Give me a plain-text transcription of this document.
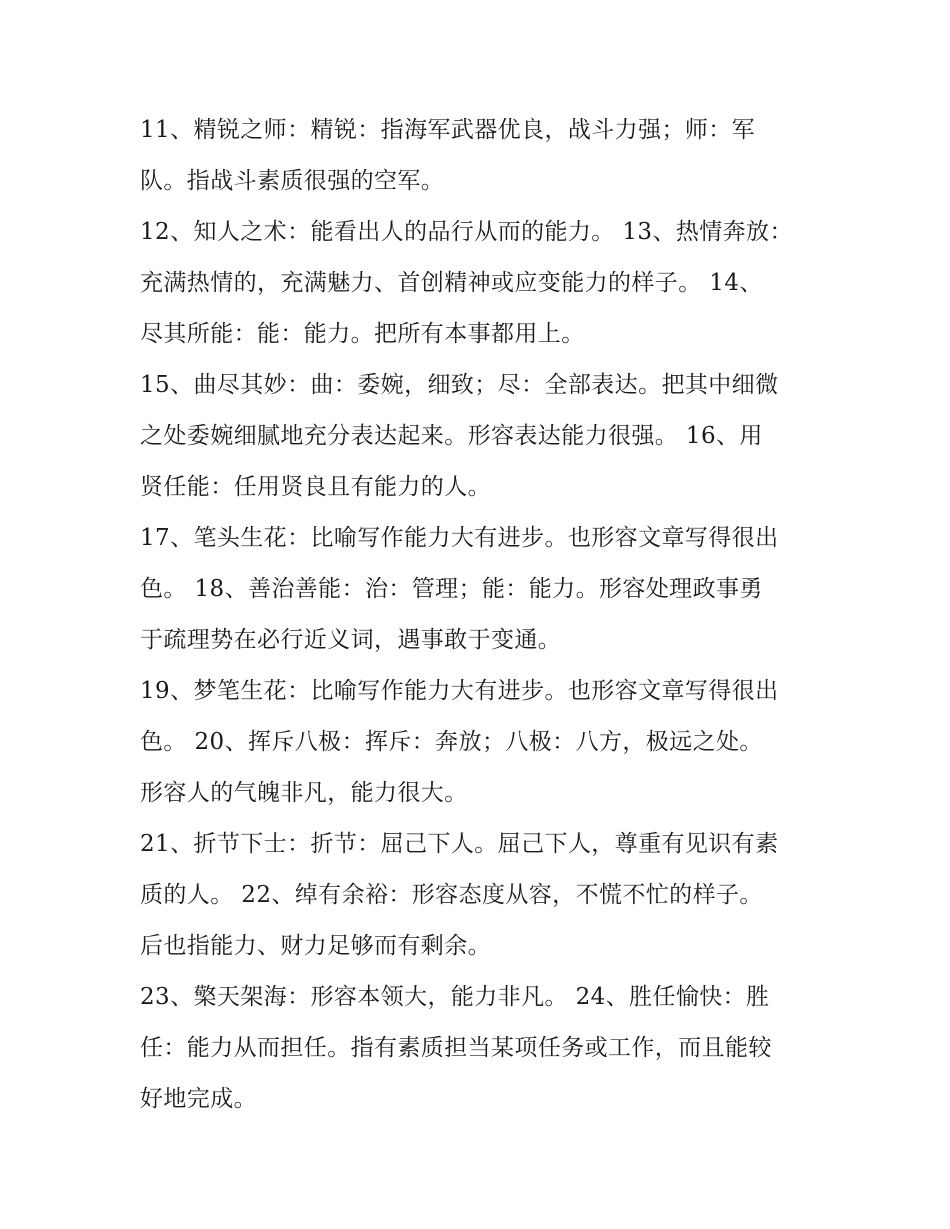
11、精锐之师：精锐：指海军武器优良，战斗力强；师：军
队。指战斗素质很强的空军。
12、知人之术：能看出人的品行从而的能力。 13、热情奔放：
充满热情的，充满魅力、首创精神或应变能力的样子。 14、
尽其所能：能：能力。把所有本事都用上。
15、曲尽其妙：曲：委婉，细致；尽：全部表达。把其中细微
之处委婉细腻地充分表达起来。形容表达能力很强。 16、用
贤任能：任用贤良且有能力的人。
17、笔头生花：比喻写作能力大有进步。也形容文章写得很出
色。 18、善治善能：治：管理；能：能力。形容处理政事勇
于疏理势在必行近义词，遇事敢于变通。
19、梦笔生花：比喻写作能力大有进步。也形容文章写得很出
色。 20、挥斥八极：挥斥：奔放；八极：八方，极远之处。
形容人的气魄非凡，能力很大。
21、折节下士：折节：屈己下人。屈己下人，尊重有见识有素
质的人。 22、绰有余裕：形容态度从容，不慌不忙的样子。
后也指能力、财力足够而有剩余。
23、檠天架海：形容本领大，能力非凡。 24、胜任愉快：胜
任：能力从而担任。指有素质担当某项任务或工作，而且能较
好地完成。
